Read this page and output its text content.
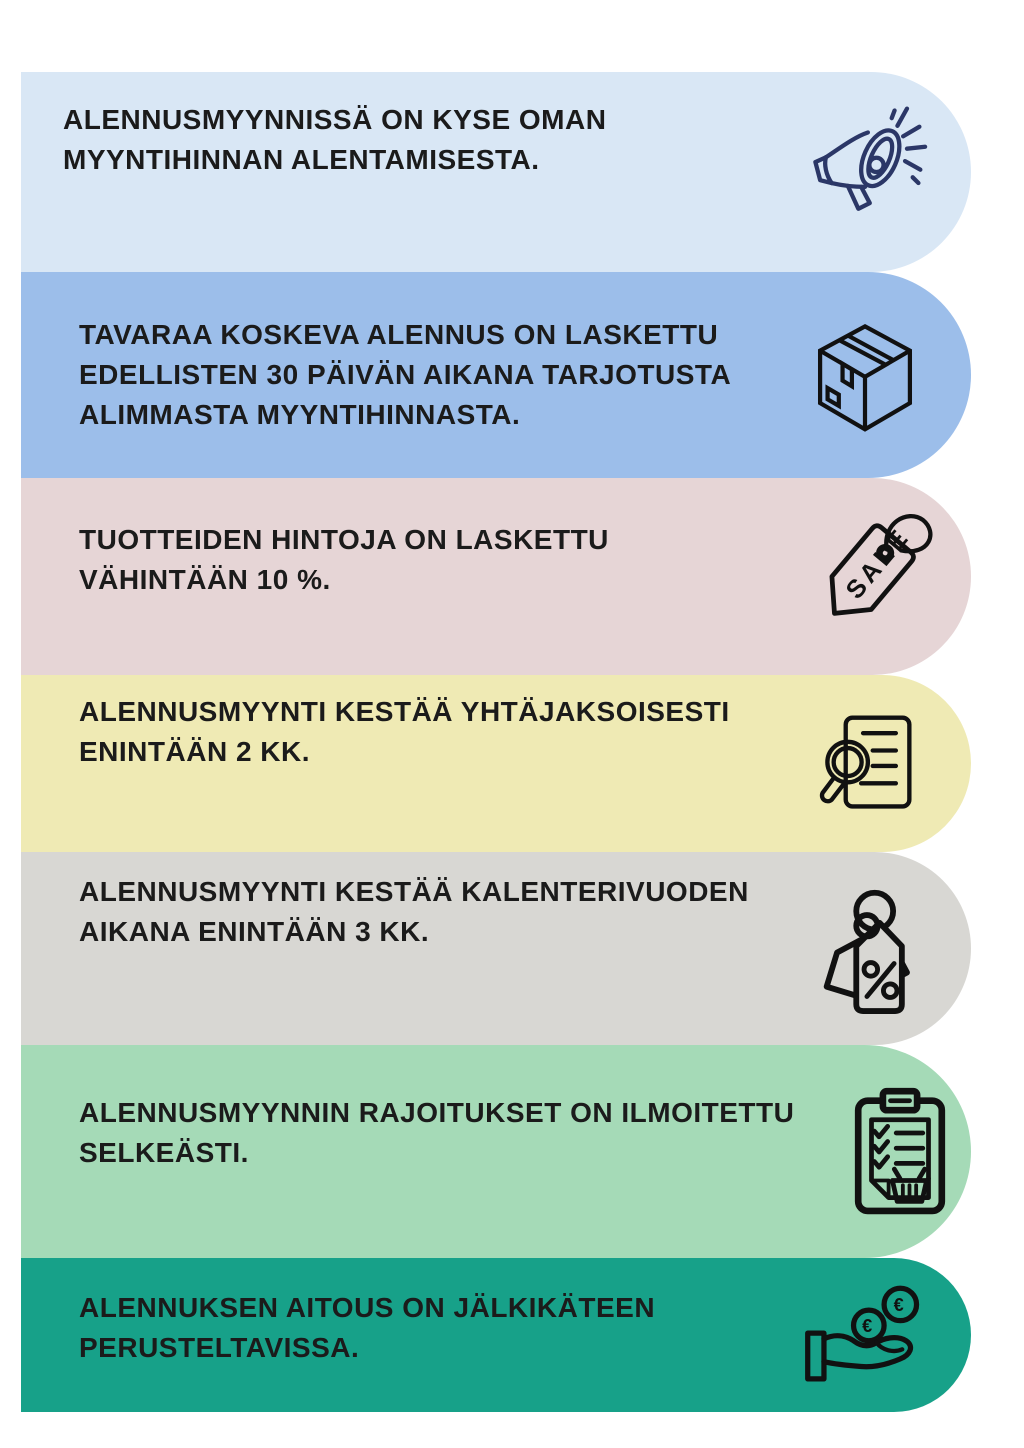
ALENNUSMYYNNISSÄ ON KYSE OMAN
MYYNTIHINNAN ALENTAMISESTA.
TAVARAA KOSKEVA ALENNUS ON LASKETTU
EDELLISTEN 30 PÄIVÄN AIKANA TARJOTUSTA
ALIMMASTA MYYNTIHINNASTA.
TUOTTEIDEN HINTOJA ON LASKETTU
VÄHINTÄÄN 10 %.	SALE
ALENNUSMYYNTI KESTÄÄ YHTÄJAKSOISESTI
ENINTÄÄN 2 KK.
ALENNUSMYYNTI KESTÄÄ KALENTERIVUODEN
AIKANA ENINTÄÄN 3 KK.
ALENNUSMYYNNIN RAJOITUKSET ON ILMOITETTU
SELKEÄSTI.
ALENNUKSEN AITOUS ON JÄLKIKÄTEEN
PERUSTELTAVISSA.
€
€
